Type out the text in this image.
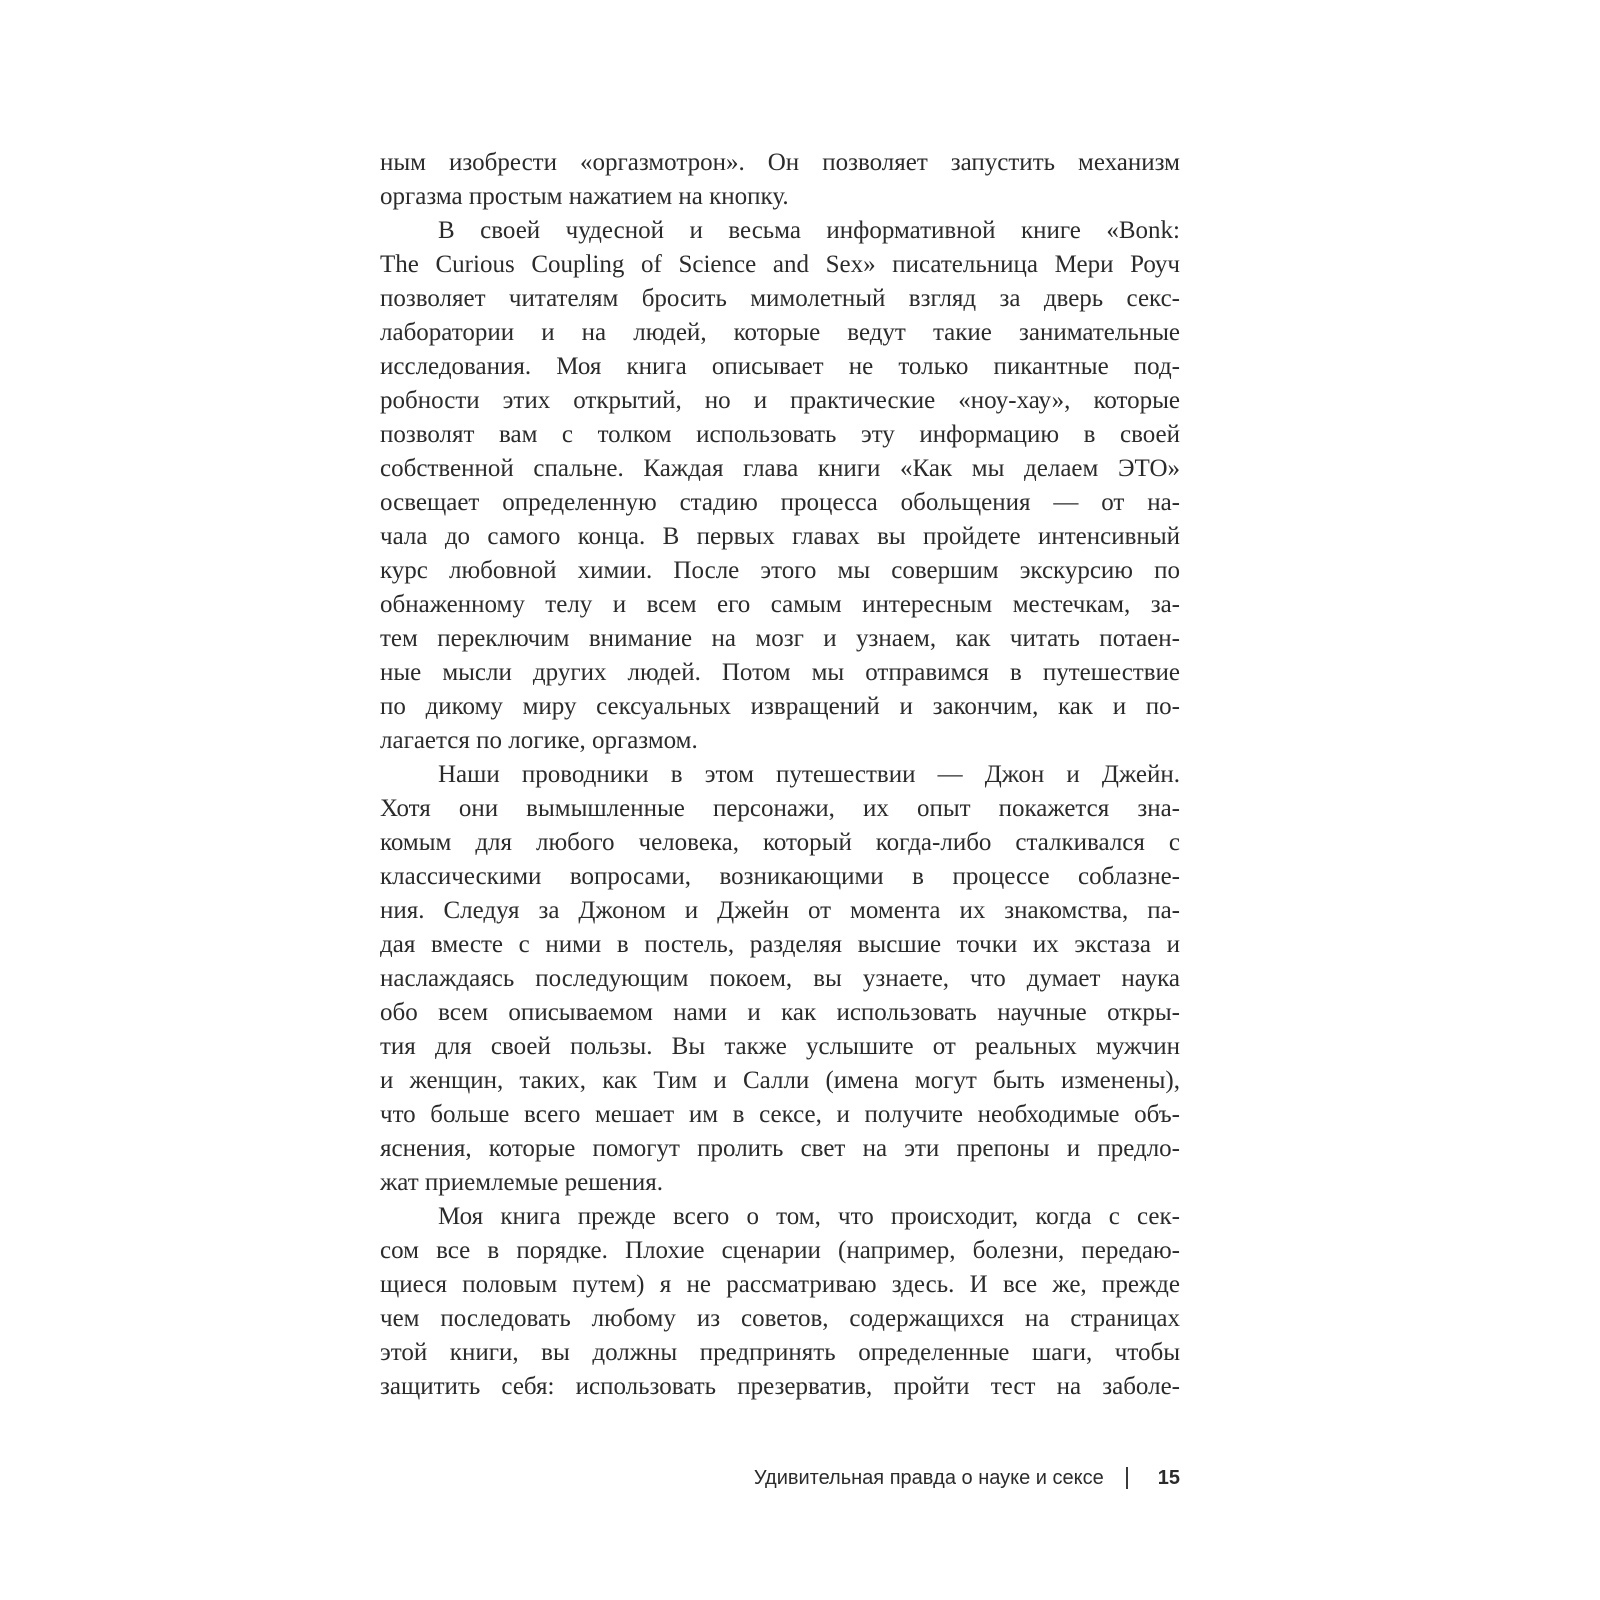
ным изобрести «оргазмотрон». Он позволяет запустить механизм
оргазма простым нажатием на кнопку.
В своей чудесной и весьма информативной книге «Bonk:
The Curious Coupling of Science and Sex» писательница Мери Роуч
позволяет читателям бросить мимолетный взгляд за дверь секс-
лаборатории и на людей, которые ведут такие занимательные
исследования. Моя книга описывает не только пикантные под-
робности этих открытий, но и практические «ноу-хау», которые
позволят вам с толком использовать эту информацию в своей
собственной спальне. Каждая глава книги «Как мы делаем ЭТО»
освещает определенную стадию процесса обольщения — от на-
чала до самого конца. В первых главах вы пройдете интенсивный
курс любовной химии. После этого мы совершим экскурсию по
обнаженному телу и всем его самым интересным местечкам, за-
тем переключим внимание на мозг и узнаем, как читать потаен-
ные мысли других людей. Потом мы отправимся в путешествие
по дикому миру сексуальных извращений и закончим, как и по-
лагается по логике, оргазмом.
Наши проводники в этом путешествии — Джон и Джейн.
Хотя они вымышленные персонажи, их опыт покажется зна-
комым для любого человека, который когда-либо сталкивался с
классическими вопросами, возникающими в процессе соблазне-
ния. Следуя за Джоном и Джейн от момента их знакомства, па-
дая вместе с ними в постель, разделяя высшие точки их экстаза и
наслаждаясь последующим покоем, вы узнаете, что думает наука
обо всем описываемом нами и как использовать научные откры-
тия для своей пользы. Вы также услышите от реальных мужчин
и женщин, таких, как Тим и Салли (имена могут быть изменены),
что больше всего мешает им в сексе, и получите необходимые объ-
яснения, которые помогут пролить свет на эти препоны и предло-
жат приемлемые решения.
Моя книга прежде всего о том, что происходит, когда с сек-
сом все в порядке. Плохие сценарии (например, болезни, передаю-
щиеся половым путем) я не рассматриваю здесь. И все же, прежде
чем последовать любому из советов, содержащихся на страницах
этой книги, вы должны предпринять определенные шаги, чтобы
защитить себя: использовать презерватив, пройти тест на заболе-
Удивительная правда о науке и сексе	15
